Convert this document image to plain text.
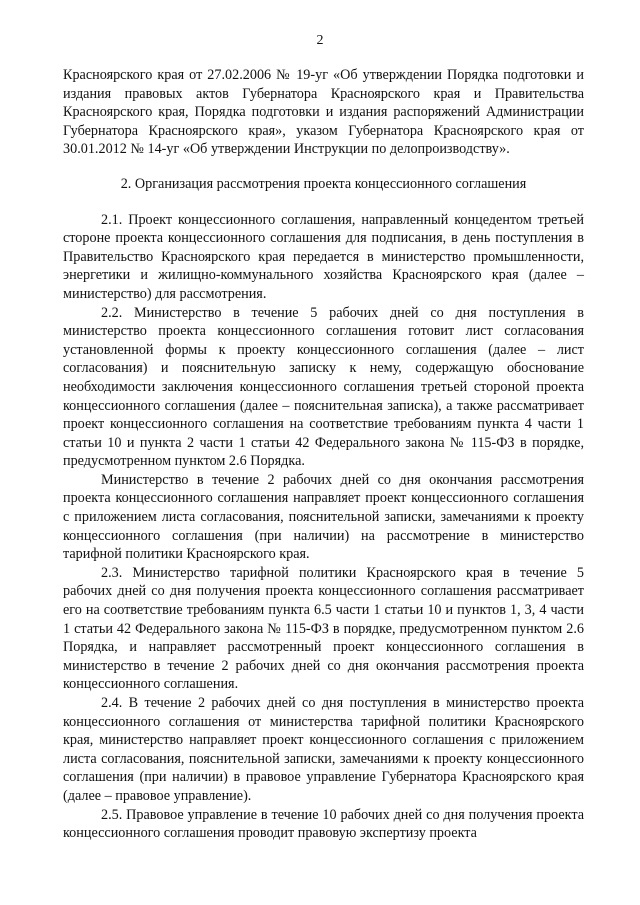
2

Красноярского края от 27.02.2006 № 19-уг «Об утверждении Порядка подготовки и издания правовых актов Губернатора Красноярского края и Правительства Красноярского края, Порядка подготовки и издания распоряжений Администрации Губернатора Красноярского края», указом Губернатора Красноярского края от 30.01.2012 № 14-уг «Об утверждении Инструкции по делопроизводству».

2. Организация рассмотрения проекта концессионного соглашения

2.1. Проект концессионного соглашения, направленный концедентом третьей стороне проекта концессионного соглашения для подписания, в день поступления в Правительство Красноярского края передается в министерство промышленности, энергетики и жилищно-коммунального хозяйства Красноярского края (далее – министерство) для рассмотрения.

2.2. Министерство в течение 5 рабочих дней со дня поступления в министерство проекта концессионного соглашения готовит лист согласования установленной формы к проекту концессионного соглашения (далее – лист согласования) и пояснительную записку к нему, содержащую обоснование необходимости заключения концессионного соглашения третьей стороной проекта концессионного соглашения (далее – пояснительная записка), а также рассматривает проект концессионного соглашения на соответствие требованиям пункта 4 части 1 статьи 10 и пункта 2 части 1 статьи 42 Федерального закона № 115-ФЗ в порядке, предусмотренном пунктом 2.6 Порядка.

Министерство в течение 2 рабочих дней со дня окончания рассмотрения проекта концессионного соглашения направляет проект концессионного соглашения с приложением листа согласования, пояснительной записки, замечаниями к проекту концессионного соглашения (при наличии) на рассмотрение в министерство тарифной политики Красноярского края.

2.3. Министерство тарифной политики Красноярского края в течение 5 рабочих дней со дня получения проекта концессионного соглашения рассматривает его на соответствие требованиям пункта 6.5 части 1 статьи 10 и пунктов 1, 3, 4 части 1 статьи 42 Федерального закона № 115-ФЗ в порядке, предусмотренном пунктом 2.6 Порядка, и направляет рассмотренный проект концессионного соглашения в министерство в течение 2 рабочих дней со дня окончания рассмотрения проекта концессионного соглашения.

2.4. В течение 2 рабочих дней со дня поступления в министерство проекта концессионного соглашения от министерства тарифной политики Красноярского края, министерство направляет проект концессионного соглашения с приложением листа согласования, пояснительной записки, замечаниями к проекту концессионного соглашения (при наличии) в правовое управление Губернатора Красноярского края (далее – правовое управление).

2.5. Правовое управление в течение 10 рабочих дней со дня получения проекта концессионного соглашения проводит правовую экспертизу проекта
